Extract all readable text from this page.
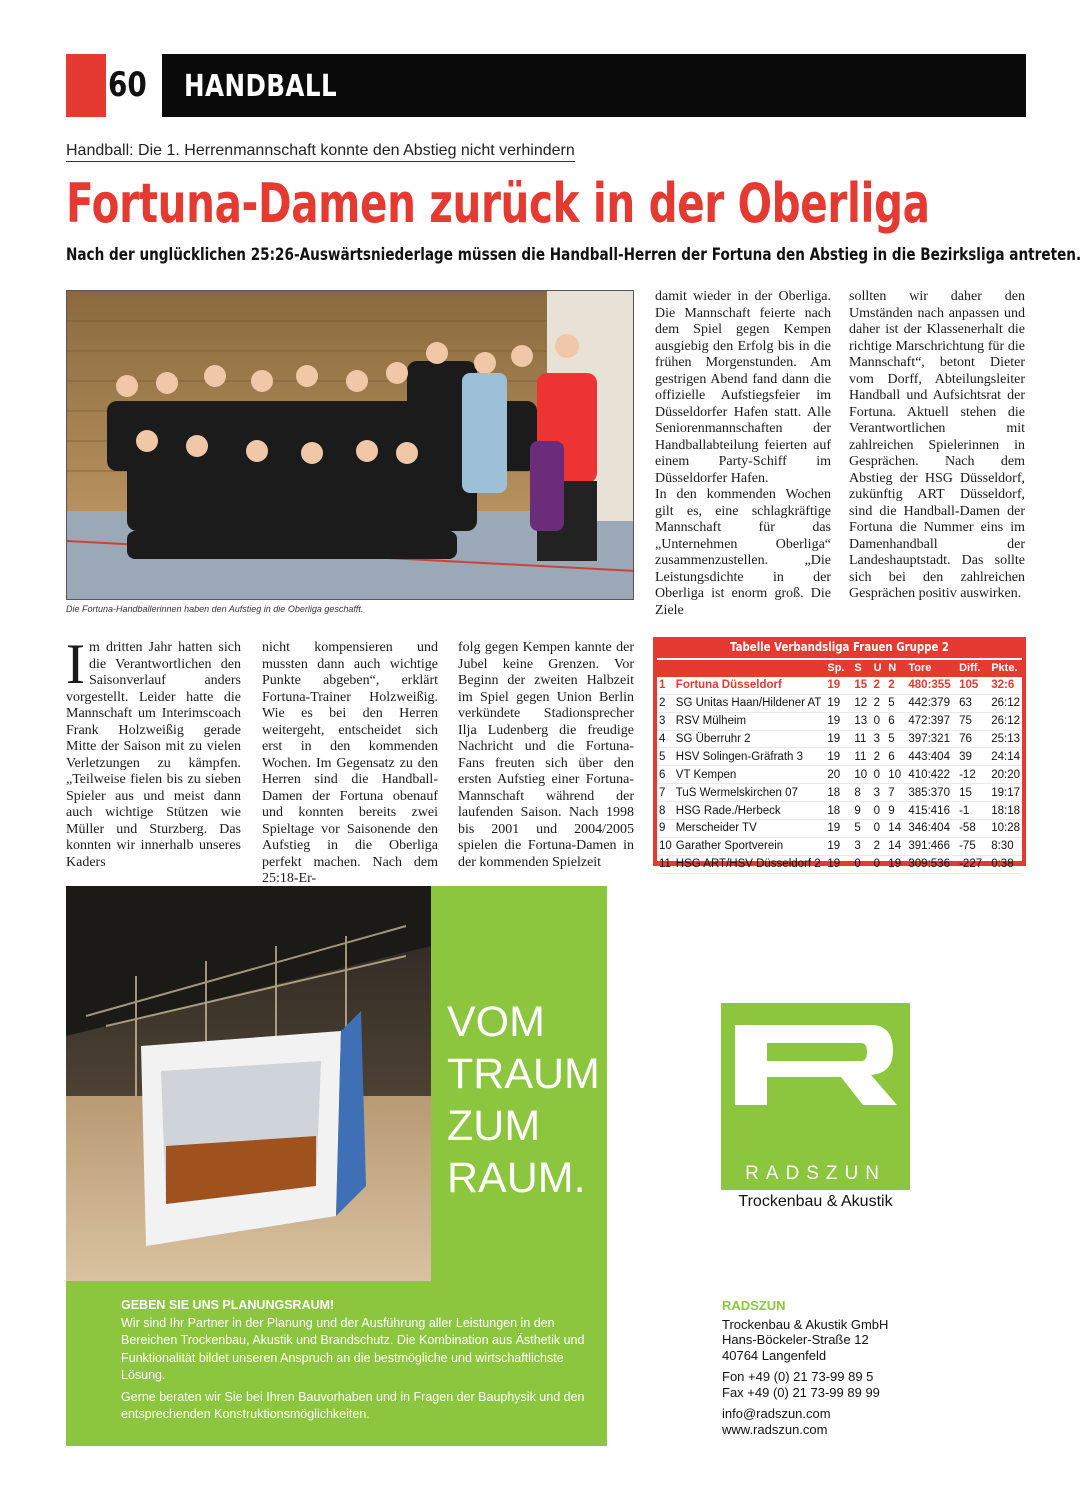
60 HANDBALL
Handball: Die 1. Herrenmannschaft konnte den Abstieg nicht verhindern
Fortuna-Damen zurück in der Oberliga
Nach der unglücklichen 25:26-Auswärtsniederlage müssen die Handball-Herren der Fortuna den Abstieg in die Bezirksliga antreten.
Die Fortuna-Handballerinnen haben den Aufstieg in die Oberliga geschafft.

damit wieder in der Oberliga. Die Mannschaft feierte nach dem Spiel gegen Kempen ausgiebig den Erfolg bis in die frühen Morgenstunden. Am gestrigen Abend fand dann die offizielle Aufstiegsfeier im Düsseldorfer Hafen statt. Alle Seniorenmannschaften der Handballabteilung feierten auf einem Party-Schiff im Düsseldorfer Hafen.

In den kommenden Wochen gilt es, eine schlagkräftige Mannschaft für das „Unternehmen Oberliga“ zusammenzustellen. „Die Leistungsdichte in der Oberliga ist enorm groß. Die Ziele

sollten wir daher den Umständen nach anpassen und daher ist der Klassenerhalt die richtige Marschrichtung für die Mannschaft“, betont Dieter vom Dorff, Abteilungsleiter Handball und Aufsichtsrat der Fortuna. Aktuell stehen die Verantwortlichen mit zahlreichen Spielerinnen in Gesprächen. Nach dem Abstieg der HSG Düsseldorf, zukünftig ART Düsseldorf, sind die Handball-Damen der Fortuna die Nummer eins im Damenhandball der Landeshauptstadt. Das sollte sich bei den zahlreichen Gesprächen positiv auswirken.

Im dritten Jahr hatten sich die Verantwortlichen den Saisonverlauf anders vorgestellt. Leider hatte die Mannschaft um Interimscoach Frank Holzweißig gerade Mitte der Saison mit zu vielen Verletzungen zu kämpfen. „Teilweise fielen bis zu sieben Spieler aus und meist dann auch wichtige Stützen wie Müller und Sturzberg. Das konnten wir innerhalb unseres Kaders

nicht kompensieren und mussten dann auch wichtige Punkte abgeben“, erklärt Fortuna-Trainer Holzweißig. Wie es bei den Herren weitergeht, entscheidet sich erst in den kommenden Wochen. Im Gegensatz zu den Herren sind die Handball-Damen der Fortuna obenauf und konnten bereits zwei Spieltage vor Saisonende den Aufstieg in die Oberliga perfekt machen. Nach dem 25:18-Er-

folg gegen Kempen kannte der Jubel keine Grenzen. Vor Beginn der zweiten Halbzeit im Spiel gegen Union Berlin verkündete Stadionsprecher Ilja Ludenberg die freudige Nachricht und die Fortuna-Fans freuten sich über den ersten Aufstieg einer Fortuna-Mannschaft während der laufenden Saison. Nach 1998 bis 2001 und 2004/2005 spielen die Fortuna-Damen in der kommenden Spielzeit

Tabelle Verbandsliga Frauen Gruppe 2
		Sp.	S	U	N	Tore	Diff.	Pkte.
1	Fortuna Düsseldorf	19	15	2	2	480:355	105	32:6
2	SG Unitas Haan/Hildener AT	19	12	2	5	442:379	63	26:12
3	RSV Mülheim	19	13	0	6	472:397	75	26:12
4	SG Überruhr 2	19	11	3	5	397:321	76	25:13
5	HSV Solingen-Gräfrath 3	19	11	2	6	443:404	39	24:14
6	VT Kempen	20	10	0	10	410:422	-12	20:20
7	TuS Wermelskirchen 07	18	8	3	7	385:370	15	19:17
8	HSG Rade./Herbeck	18	9	0	9	415:416	-1	18:18
9	Merscheider TV	19	5	0	14	346:404	-58	10:28
10	Garather Sportverein	19	3	2	14	391:466	-75	8:30
11	HSG ART/HSV Düsseldorf 2	19	0	0	19	309:536	-227	0:38
VOM
TRAUM
ZUM
RAUM.
GEBEN SIE UNS PLANUNGSRAUM!

Wir sind Ihr Partner in der Planung und der Ausführung aller Leistungen in den Bereichen Trockenbau, Akustik und Brandschutz. Die Kombination aus Ästhetik und Funktionalität bildet unseren Anspruch an die bestmögliche und wirtschaftlichste Lösung.

Gerne beraten wir Sie bei Ihren Bauvorhaben und in Fragen der Bauphysik und den entsprechenden Konstruktionsmöglichkeiten.

RADSZUN
Trockenbau & Akustik
RADSZUN
Trockenbau & Akustik GmbH
Hans-Böckeler-Straße 12
40764 Langenfeld
Fon +49 (0) 21 73-99 89 5
Fax +49 (0) 21 73-99 89 99
info@radszun.com
www.radszun.com
